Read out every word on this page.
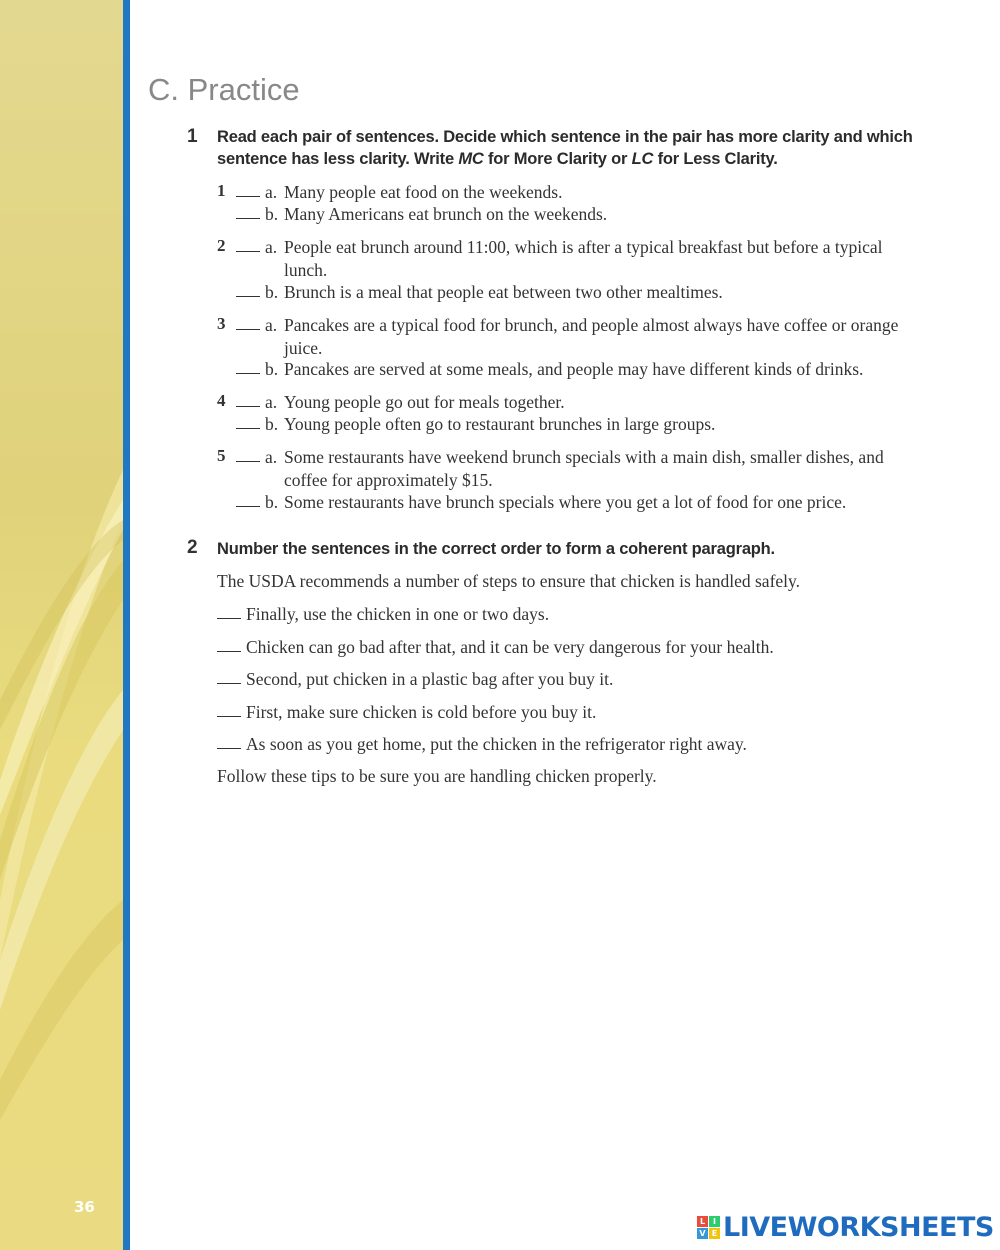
36
C. Practice
1 Read each pair of sentences. Decide which sentence in the pair has more clarity and which sentence has less clarity. Write MC for More Clarity or LC for Less Clarity.
1 a. Many people eat food on the weekends.
b. Many Americans eat brunch on the weekends.
2 a. People eat brunch around 11:00, which is after a typical breakfast but before a typical lunch.
b. Brunch is a meal that people eat between two other mealtimes.
3 a. Pancakes are a typical food for brunch, and people almost always have coffee or orange juice.
b. Pancakes are served at some meals, and people may have different kinds of drinks.
4 a. Young people go out for meals together.
b. Young people often go to restaurant brunches in large groups.
5 a. Some restaurants have weekend brunch specials with a main dish, smaller dishes, and coffee for approximately $15.
b. Some restaurants have brunch specials where you get a lot of food for one price.
2 Number the sentences in the correct order to form a coherent paragraph.
The USDA recommends a number of steps to ensure that chicken is handled safely.
Finally, use the chicken in one or two days.
Chicken can go bad after that, and it can be very dangerous for your health.
Second, put chicken in a plastic bag after you buy it.
First, make sure chicken is cold before you buy it.
As soon as you get home, put the chicken in the refrigerator right away.
Follow these tips to be sure you are handling chicken properly.
L I
V E LIVEWORKSHEETS
